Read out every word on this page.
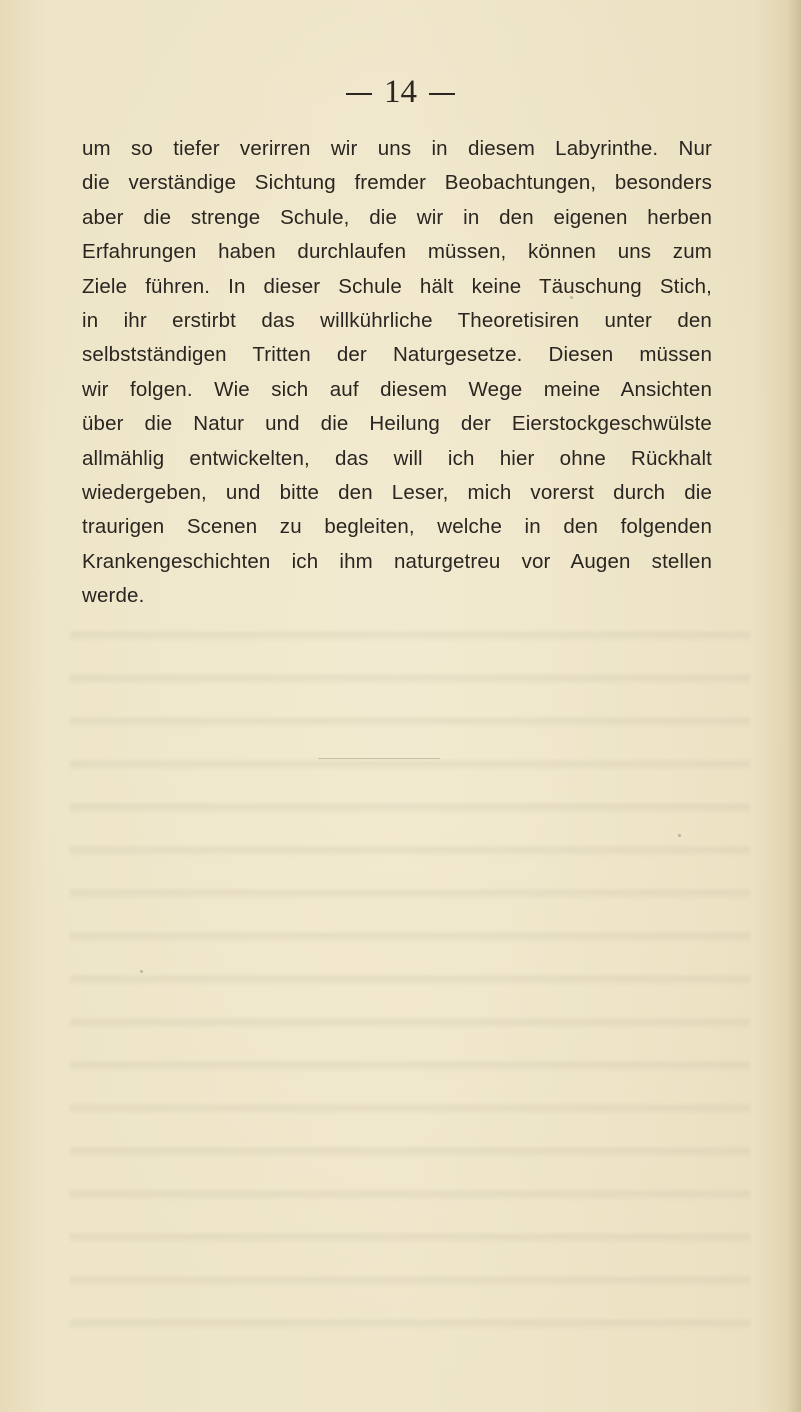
14
um so tiefer verirren wir uns in diesem Labyrinthe. Nur
die verständige Sichtung fremder Beobachtungen, besonders
aber die strenge Schule, die wir in den eigenen herben
Erfahrungen haben durchlaufen müssen, können uns zum
Ziele führen. In dieser Schule hält keine Täuschung Stich,
in ihr erstirbt das willkührliche Theoretisiren unter den
selbstständigen Tritten der Naturgesetze. Diesen müssen
wir folgen. Wie sich auf diesem Wege meine Ansichten
über die Natur und die Heilung der Eierstockgeschwülste
allmählig entwickelten, das will ich hier ohne Rückhalt
wiedergeben, und bitte den Leser, mich vorerst durch die
traurigen Scenen zu begleiten, welche in den folgenden
Krankengeschichten ich ihm naturgetreu vor Augen stellen
werde.
